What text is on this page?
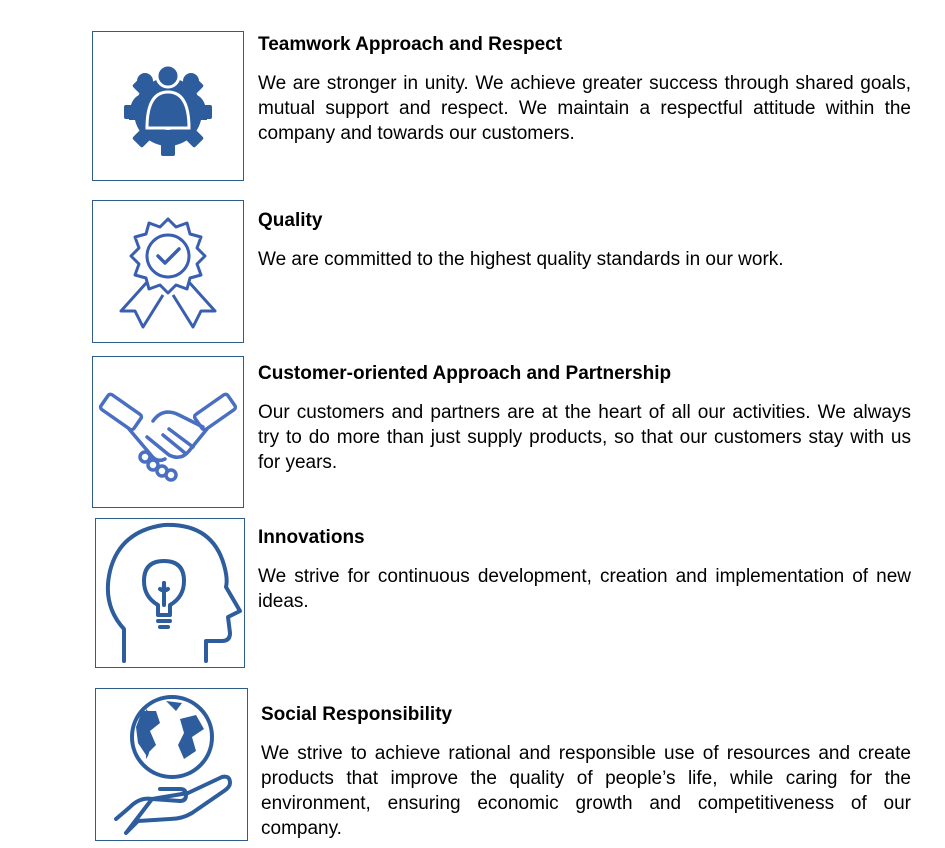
Teamwork Approach and Respect

We are stronger in unity. We achieve greater success through shared goals, mutual support and respect. We maintain a respectful attitude within the company and towards our customers.

Quality

We are committed to the highest quality standards in our work.

Customer-oriented Approach and Partnership

Our customers and partners are at the heart of all our activities. We always try to do more than just supply products, so that our customers stay with us for years.

Innovations

We strive for continuous development, creation and implementation of new ideas.

Social Responsibility

We strive to achieve rational and responsible use of resources and create products that improve the quality of people’s life, while caring for the environment, ensuring economic growth and competitiveness of our company.
